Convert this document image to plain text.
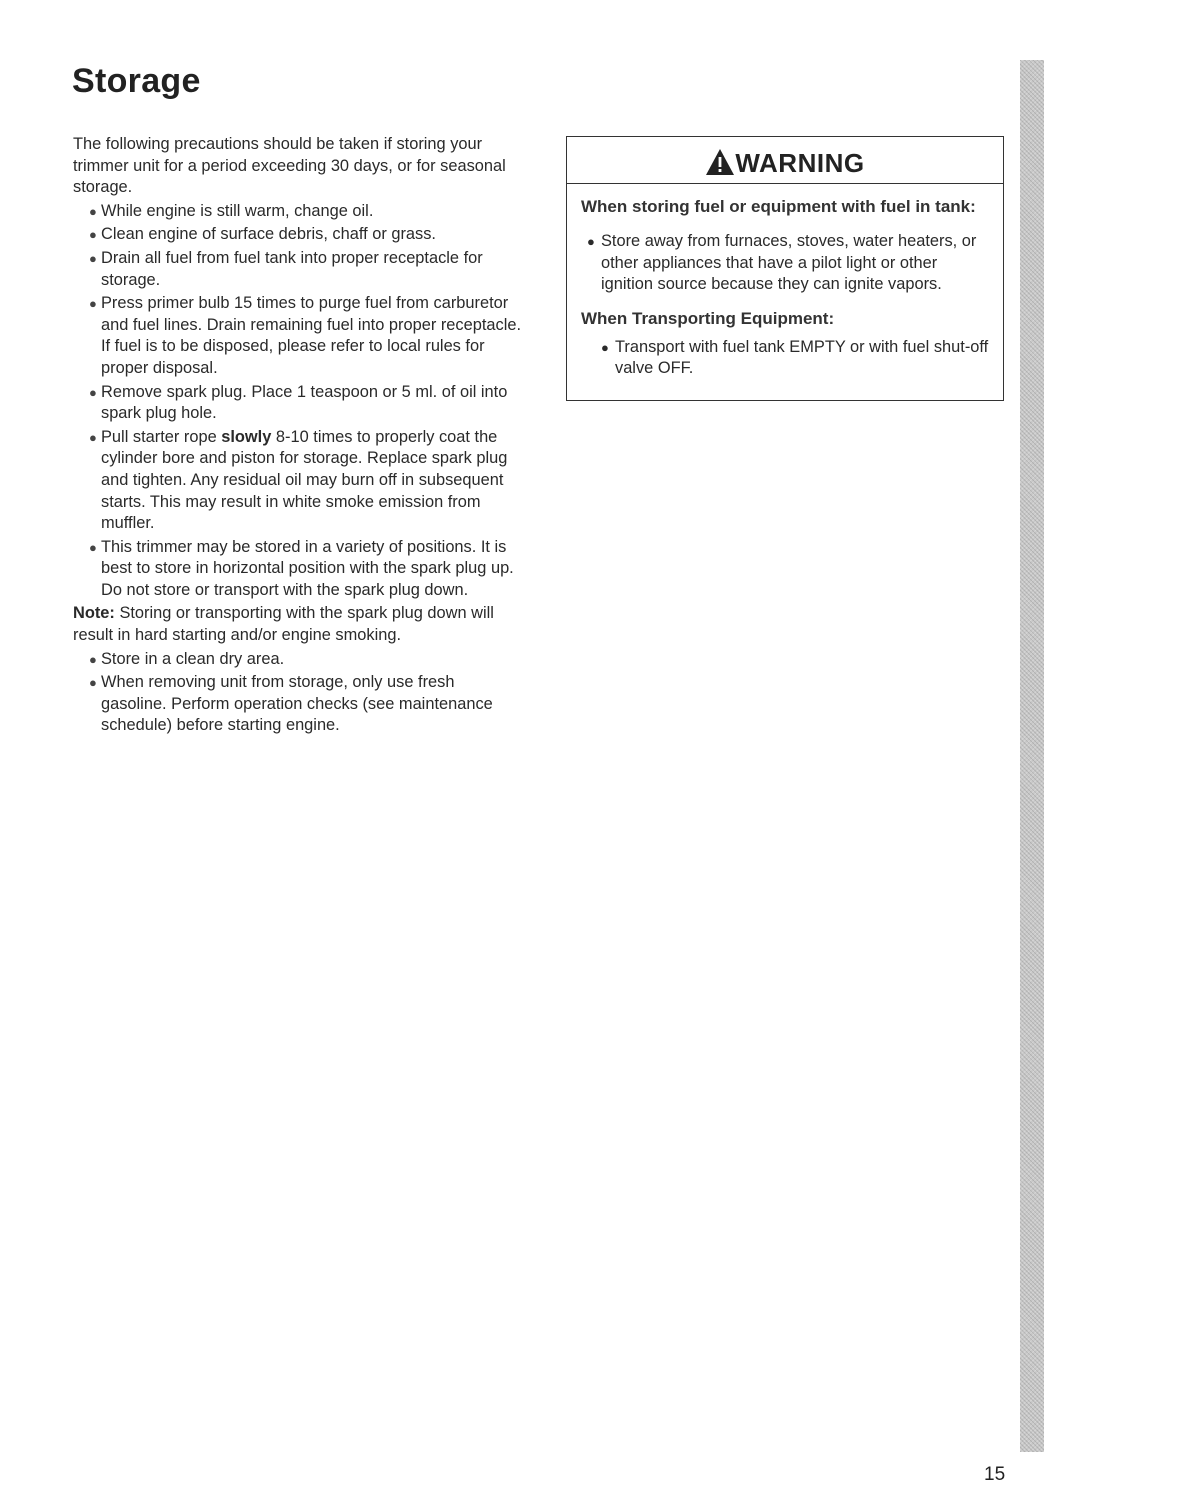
Storage

The following precautions should be taken if storing your trimmer unit for a period exceeding 30 days, or for seasonal storage.

● While engine is still warm, change oil.
● Clean engine of surface debris, chaff or grass.
● Drain all fuel from fuel tank into proper receptacle for storage.
● Press primer bulb 15 times to purge fuel from carburetor and fuel lines. Drain remaining fuel into proper receptacle. If fuel is to be disposed, please refer to local rules for proper disposal.
● Remove spark plug. Place 1 teaspoon or 5 ml. of oil into spark plug hole.
● Pull starter rope slowly 8-10 times to properly coat the cylinder bore and piston for storage. Replace spark plug and tighten. Any residual oil may burn off in subsequent starts. This may result in white smoke emission from muffler.
● This trimmer may be stored in a variety of positions. It is best to store in horizontal position with the spark plug up. Do not store or transport with the spark plug down.

Note: Storing or transporting with the spark plug down will result in hard starting and/or engine smoking.

● Store in a clean dry area.
● When removing unit from storage, only use fresh gasoline. Perform operation checks (see maintenance schedule) before starting engine.
WARNING

When storing fuel or equipment with fuel in tank:

● Store away from furnaces, stoves, water heaters, or other appliances that have a pilot light or other ignition source because they can ignite vapors.

When Transporting Equipment:

● Transport with fuel tank EMPTY or with fuel shut-off valve OFF.
15
